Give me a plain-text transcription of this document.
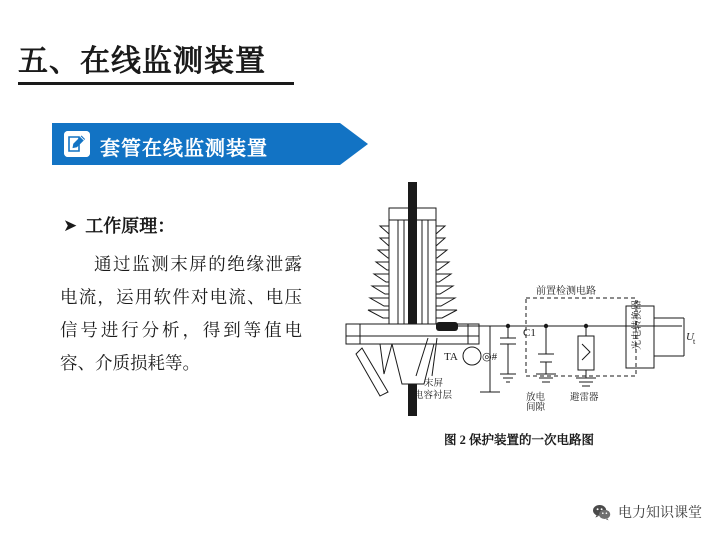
五、在线监测装置
套管在线监测装置
➤ 工作原理：
通过监测末屏的绝缘泄露电流，运用软件对电流、电压信号进行分析，得到等值电容、介质损耗等。
前置检测电路
C1
TA ◎#
放电
间隙
避雷器
末屏
电容衬层
U t
光电转换器
图 2 保护装置的一次电路图
电力知识课堂
